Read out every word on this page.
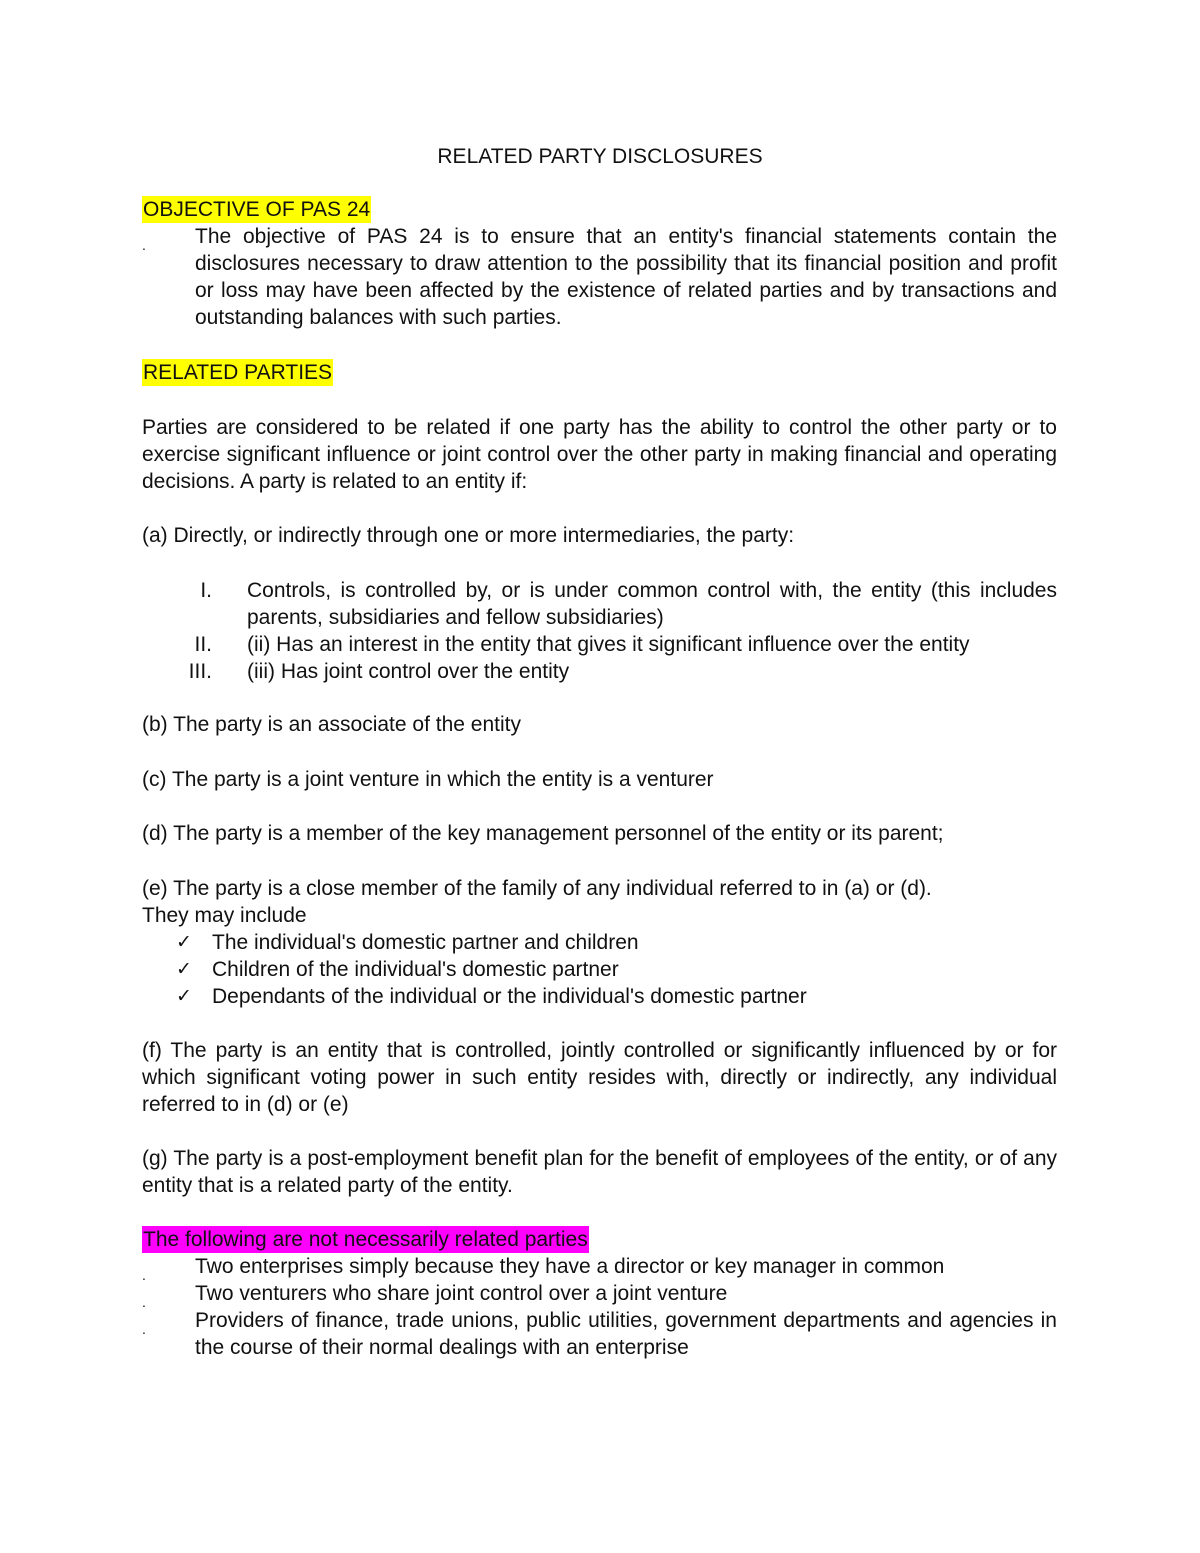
RELATED PARTY DISCLOSURES
OBJECTIVE OF PAS 24
. The objective of PAS 24 is to ensure that an entity's financial statements contain the disclosures necessary to draw attention to the possibility that its financial position and profit or loss may have been affected by the existence of related parties and by transactions and outstanding balances with such parties.
RELATED PARTIES
Parties are considered to be related if one party has the ability to control the other party or to exercise significant influence or joint control over the other party in making financial and operating decisions. A party is related to an entity if:
(a) Directly, or indirectly through one or more intermediaries, the party:
I. Controls, is controlled by, or is under common control with, the entity (this includes parents, subsidiaries and fellow subsidiaries)
II. (ii) Has an interest in the entity that gives it significant influence over the entity
III. (iii) Has joint control over the entity
(b) The party is an associate of the entity
(c) The party is a joint venture in which the entity is a venturer
(d) The party is a member of the key management personnel of the entity or its parent;
(e) The party is a close member of the family of any individual referred to in (a) or (d).
They may include
✓ The individual's domestic partner and children
✓ Children of the individual's domestic partner
✓ Dependants of the individual or the individual's domestic partner
(f) The party is an entity that is controlled, jointly controlled or significantly influenced by or for which significant voting power in such entity resides with, directly or indirectly, any individual referred to in (d) or (e)
(g) The party is a post-employment benefit plan for the benefit of employees of the entity, or of any entity that is a related party of the entity.
The following are not necessarily related parties
. Two enterprises simply because they have a director or key manager in common
. Two venturers who share joint control over a joint venture
. Providers of finance, trade unions, public utilities, government departments and agencies in the course of their normal dealings with an enterprise
